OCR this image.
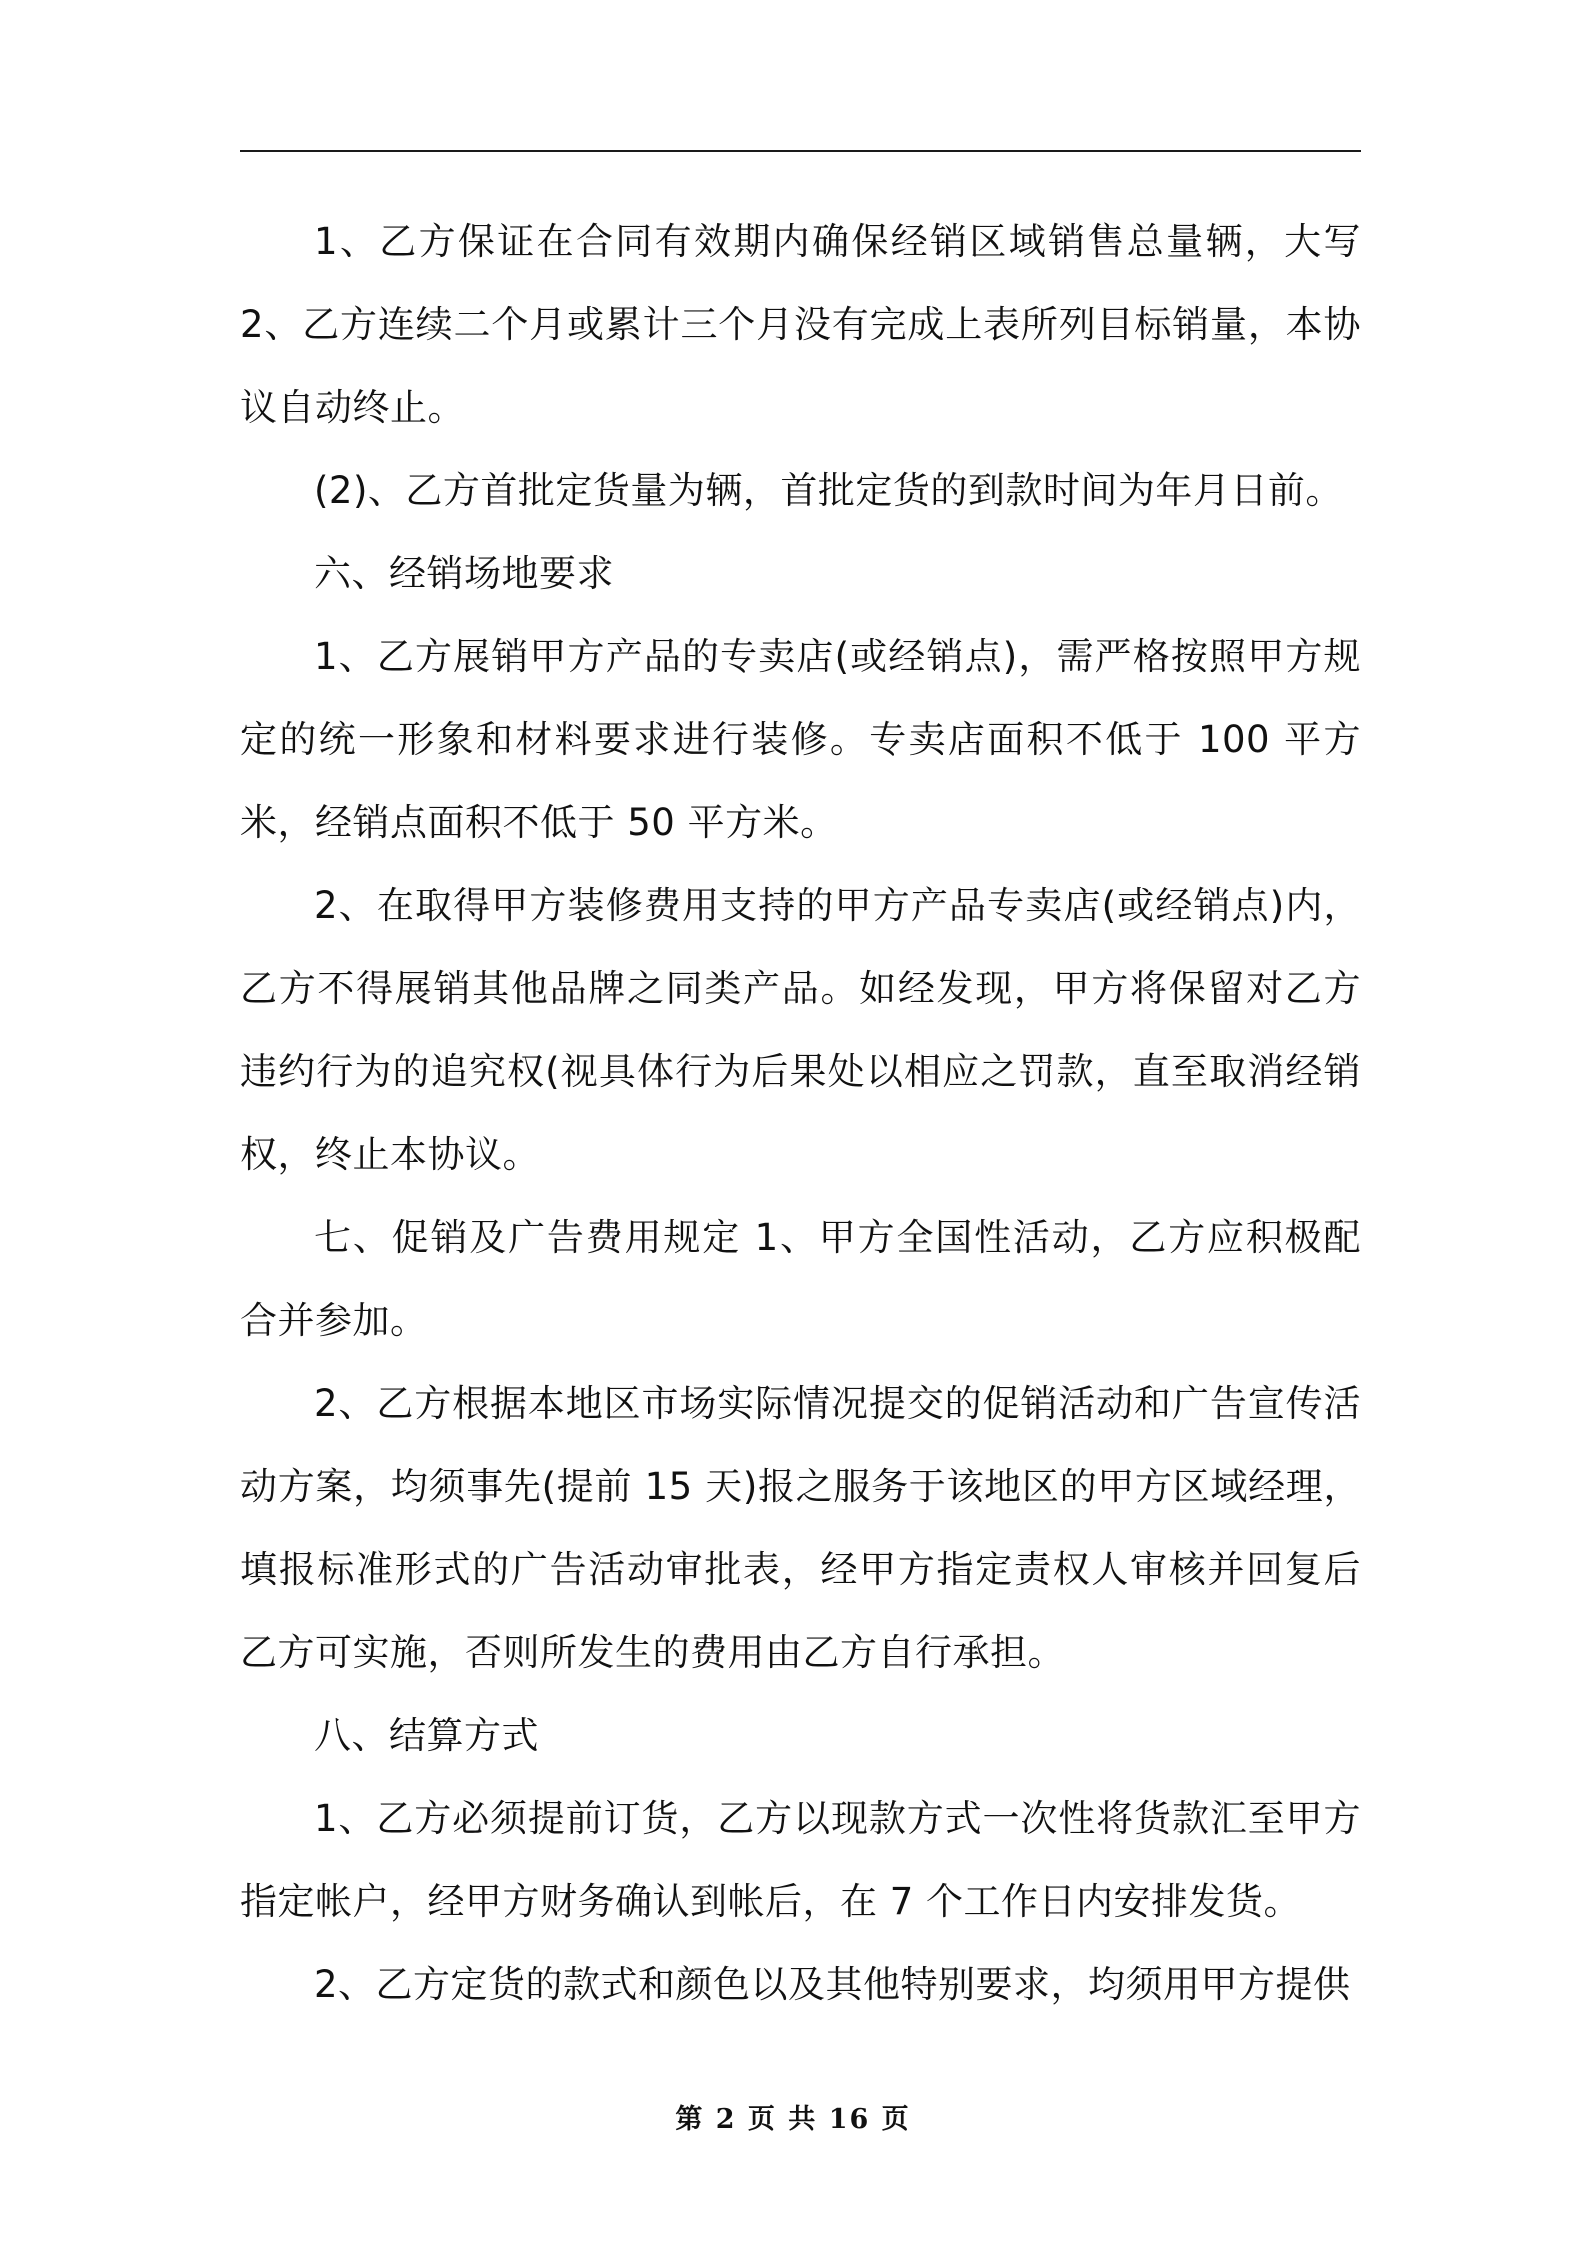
1、乙方保证在合同有效期内确保经销区域销售总量辆，大写 2、乙方连续二个月或累计三个月没有完成上表所列目标销量，本协议自动终止。

(2)、乙方首批定货量为辆，首批定货的到款时间为年月日前。

六、经销场地要求

1、乙方展销甲方产品的专卖店(或经销点)，需严格按照甲方规定的统一形象和材料要求进行装修。专卖店面积不低于 100 平方米，经销点面积不低于 50 平方米。

2、在取得甲方装修费用支持的甲方产品专卖店(或经销点)内，乙方不得展销其他品牌之同类产品。如经发现，甲方将保留对乙方违约行为的追究权(视具体行为后果处以相应之罚款，直至取消经销权，终止本协议。

七、促销及广告费用规定 1、甲方全国性活动，乙方应积极配合并参加。

2、乙方根据本地区市场实际情况提交的促销活动和广告宣传活动方案，均须事先(提前 15 天)报之服务于该地区的甲方区域经理，填报标准形式的广告活动审批表，经甲方指定责权人审核并回复后乙方可实施，否则所发生的费用由乙方自行承担。

八、结算方式

1、乙方必须提前订货，乙方以现款方式一次性将货款汇至甲方指定帐户，经甲方财务确认到帐后，在 7 个工作日内安排发货。

2、乙方定货的款式和颜色以及其他特别要求，均须用甲方提供

第 2 页 共 16 页
